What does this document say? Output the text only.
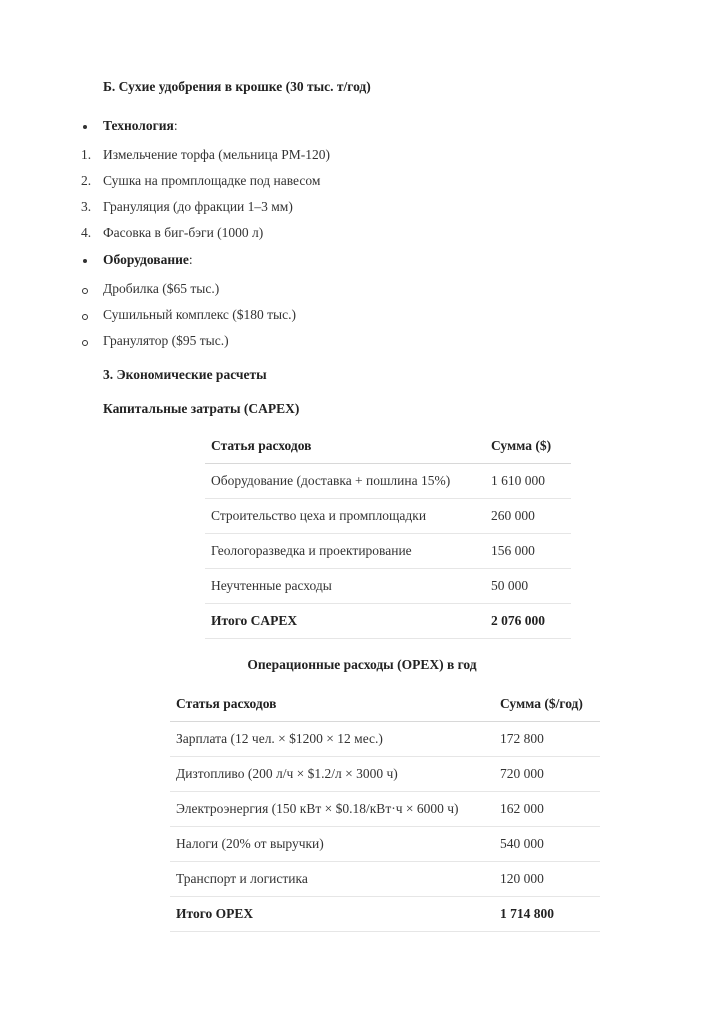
Б. Сухие удобрения в крошке (30 тыс. т/год)
Технология:
1. Измельчение торфа (мельница РМ-120)
2. Сушка на промплощадке под навесом
3. Грануляция (до фракции 1–3 мм)
4. Фасовка в биг-бэги (1000 л)
Оборудование:
Дробилка ($65 тыс.)
Сушильный комплекс ($180 тыс.)
Гранулятор ($95 тыс.)
3. Экономические расчеты
Капитальные затраты (CAPEX)
Статья расходов	Сумма ($)
Оборудование (доставка + пошлина 15%)	1 610 000
Строительство цеха и промплощадки	260 000
Геологоразведка и проектирование	156 000
Неучтенные расходы	50 000
Итого CAPEX	2 076 000
Операционные расходы (OPEX) в год
Статья расходов	Сумма ($/год)
Зарплата (12 чел. × $1200 × 12 мес.)	172 800
Дизтопливо (200 л/ч × $1.2/л × 3000 ч)	720 000
Электроэнергия (150 кВт × $0.18/кВт·ч × 6000 ч)	162 000
Налоги (20% от выручки)	540 000
Транспорт и логистика	120 000
Итого OPEX	1 714 800
